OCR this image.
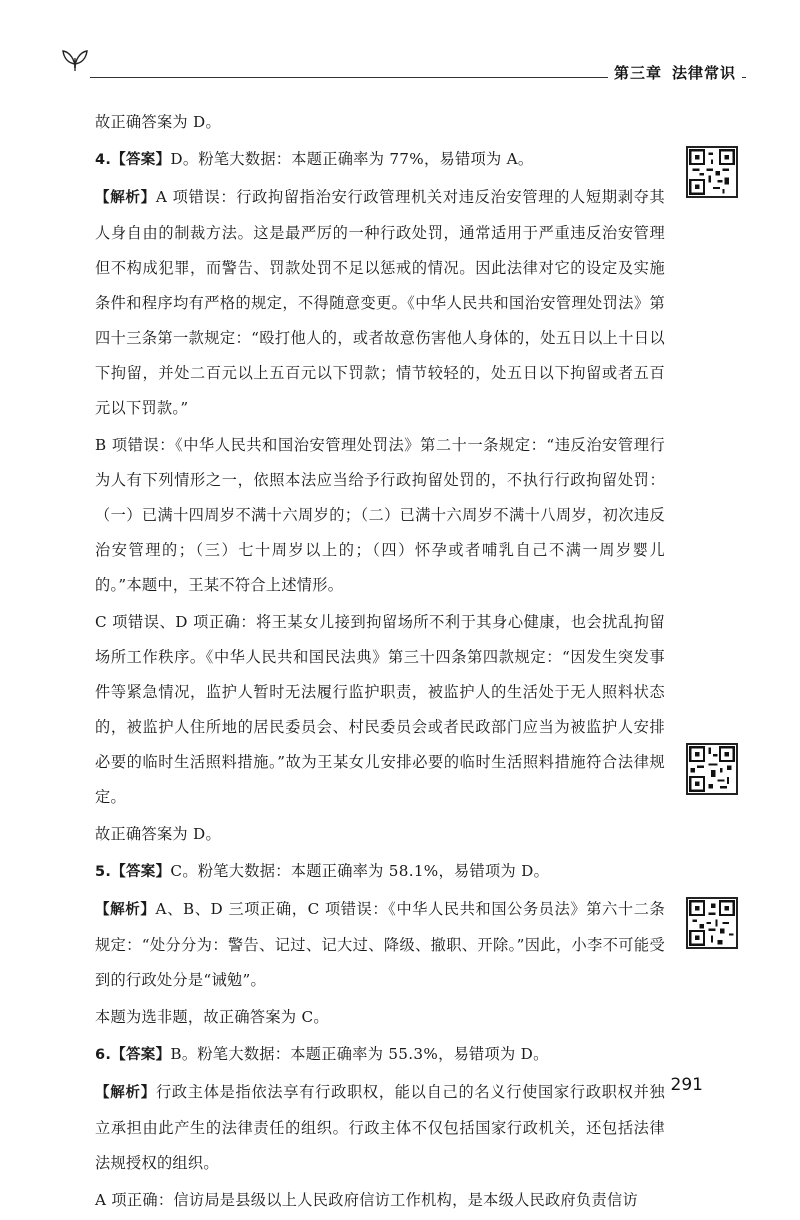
第三章 法律常识

故正确答案为 D。

4.【答案】D。粉笔大数据：本题正确率为 77%，易错项为 A。

【解析】A 项错误：行政拘留指治安行政管理机关对违反治安管理的人短期剥夺其人身自由的制裁方法。这是最严厉的一种行政处罚，通常适用于严重违反治安管理但不构成犯罪，而警告、罚款处罚不足以惩戒的情况。因此法律对它的设定及实施条件和程序均有严格的规定，不得随意变更。《中华人民共和国治安管理处罚法》第四十三条第一款规定：“殴打他人的，或者故意伤害他人身体的，处五日以上十日以下拘留，并处二百元以上五百元以下罚款；情节较轻的，处五日以下拘留或者五百元以下罚款。”

B 项错误：《中华人民共和国治安管理处罚法》第二十一条规定：“违反治安管理行为人有下列情形之一，依照本法应当给予行政拘留处罚的，不执行行政拘留处罚：（一）已满十四周岁不满十六周岁的；（二）已满十六周岁不满十八周岁，初次违反治安管理的；（三）七十周岁以上的；（四）怀孕或者哺乳自己不满一周岁婴儿的。”本题中，王某不符合上述情形。

C 项错误、D 项正确：将王某女儿接到拘留场所不利于其身心健康，也会扰乱拘留场所工作秩序。《中华人民共和国民法典》第三十四条第四款规定：“因发生突发事件等紧急情况，监护人暂时无法履行监护职责，被监护人的生活处于无人照料状态的，被监护人住所地的居民委员会、村民委员会或者民政部门应当为被监护人安排必要的临时生活照料措施。”故为王某女儿安排必要的临时生活照料措施符合法律规定。

故正确答案为 D。

5.【答案】C。粉笔大数据：本题正确率为 58.1%，易错项为 D。

【解析】A、B、D 三项正确，C 项错误：《中华人民共和国公务员法》第六十二条规定：“处分分为：警告、记过、记大过、降级、撤职、开除。”因此，小李不可能受到的行政处分是“诫勉”。

本题为选非题，故正确答案为 C。

6.【答案】B。粉笔大数据：本题正确率为 55.3%，易错项为 D。

【解析】行政主体是指依法享有行政职权，能以自己的名义行使国家行政职权并独立承担由此产生的法律责任的组织。行政主体不仅包括国家行政机关，还包括法律法规授权的组织。

A 项正确：信访局是县级以上人民政府信访工作机构，是本级人民政府负责信访

291
